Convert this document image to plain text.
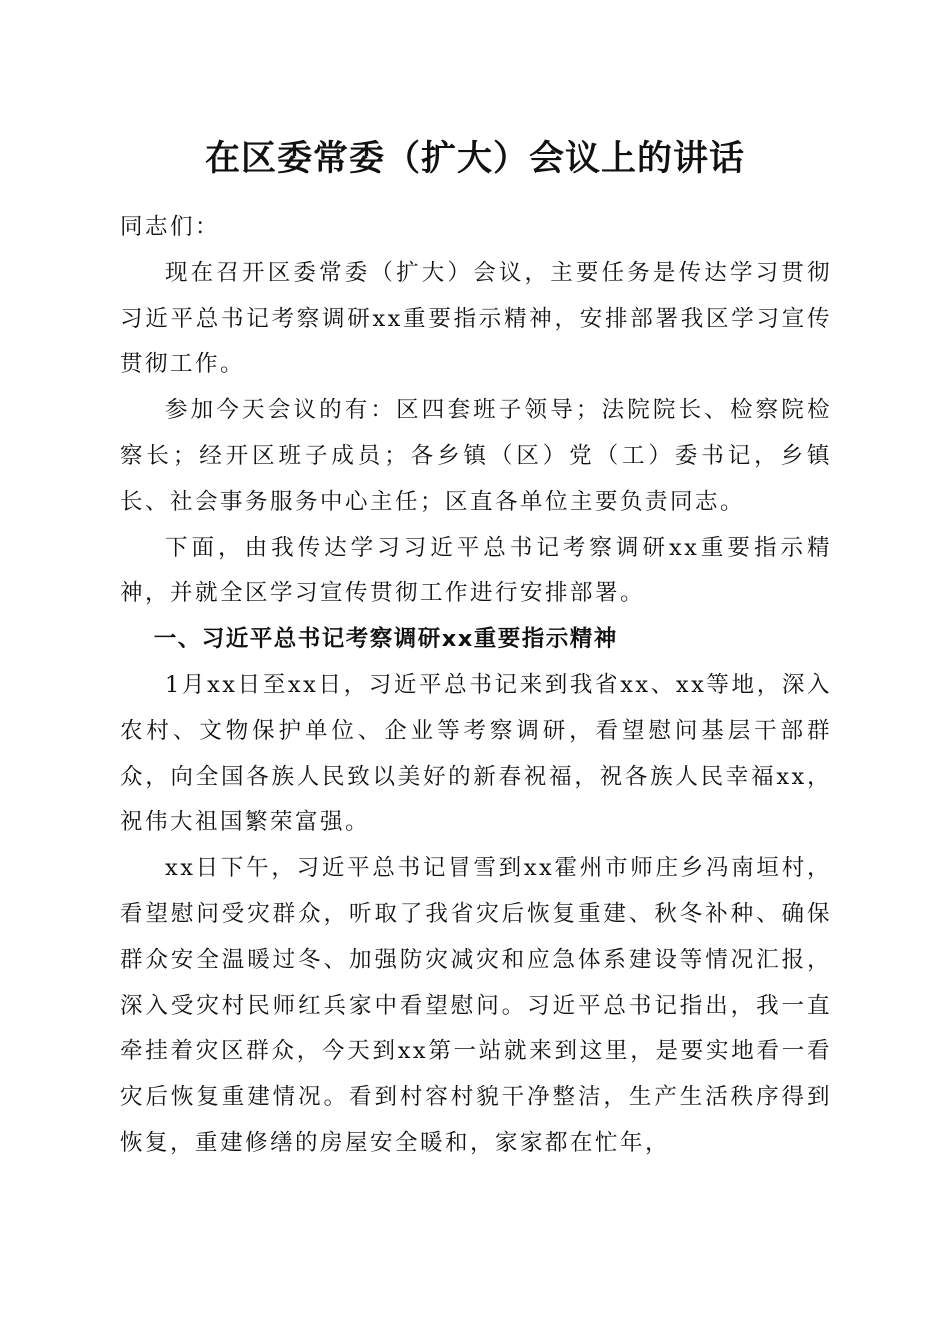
在区委常委（扩大）会议上的讲话

同志们：

现在召开区委常委（扩大）会议，主要任务是传达学习贯彻习近平总书记考察调研xx重要指示精神，安排部署我区学习宣传贯彻工作。

参加今天会议的有：区四套班子领导；法院院长、检察院检察长；经开区班子成员；各乡镇（区）党（工）委书记，乡镇长、社会事务服务中心主任；区直各单位主要负责同志。

下面，由我传达学习习近平总书记考察调研xx重要指示精神，并就全区学习宣传贯彻工作进行安排部署。

一、习近平总书记考察调研xx重要指示精神

1月xx日至xx日，习近平总书记来到我省xx、xx等地，深入农村、文物保护单位、企业等考察调研，看望慰问基层干部群众，向全国各族人民致以美好的新春祝福，祝各族人民幸福xx，祝伟大祖国繁荣富强。

xx日下午，习近平总书记冒雪到xx霍州市师庄乡冯南垣村，看望慰问受灾群众，听取了我省灾后恢复重建、秋冬补种、确保群众安全温暖过冬、加强防灾减灾和应急体系建设等情况汇报，深入受灾村民师红兵家中看望慰问。习近平总书记指出，我一直牵挂着灾区群众，今天到xx第一站就来到这里，是要实地看一看灾后恢复重建情况。看到村容村貌干净整洁，生产生活秩序得到恢复，重建修缮的房屋安全暖和，家家都在忙年，
